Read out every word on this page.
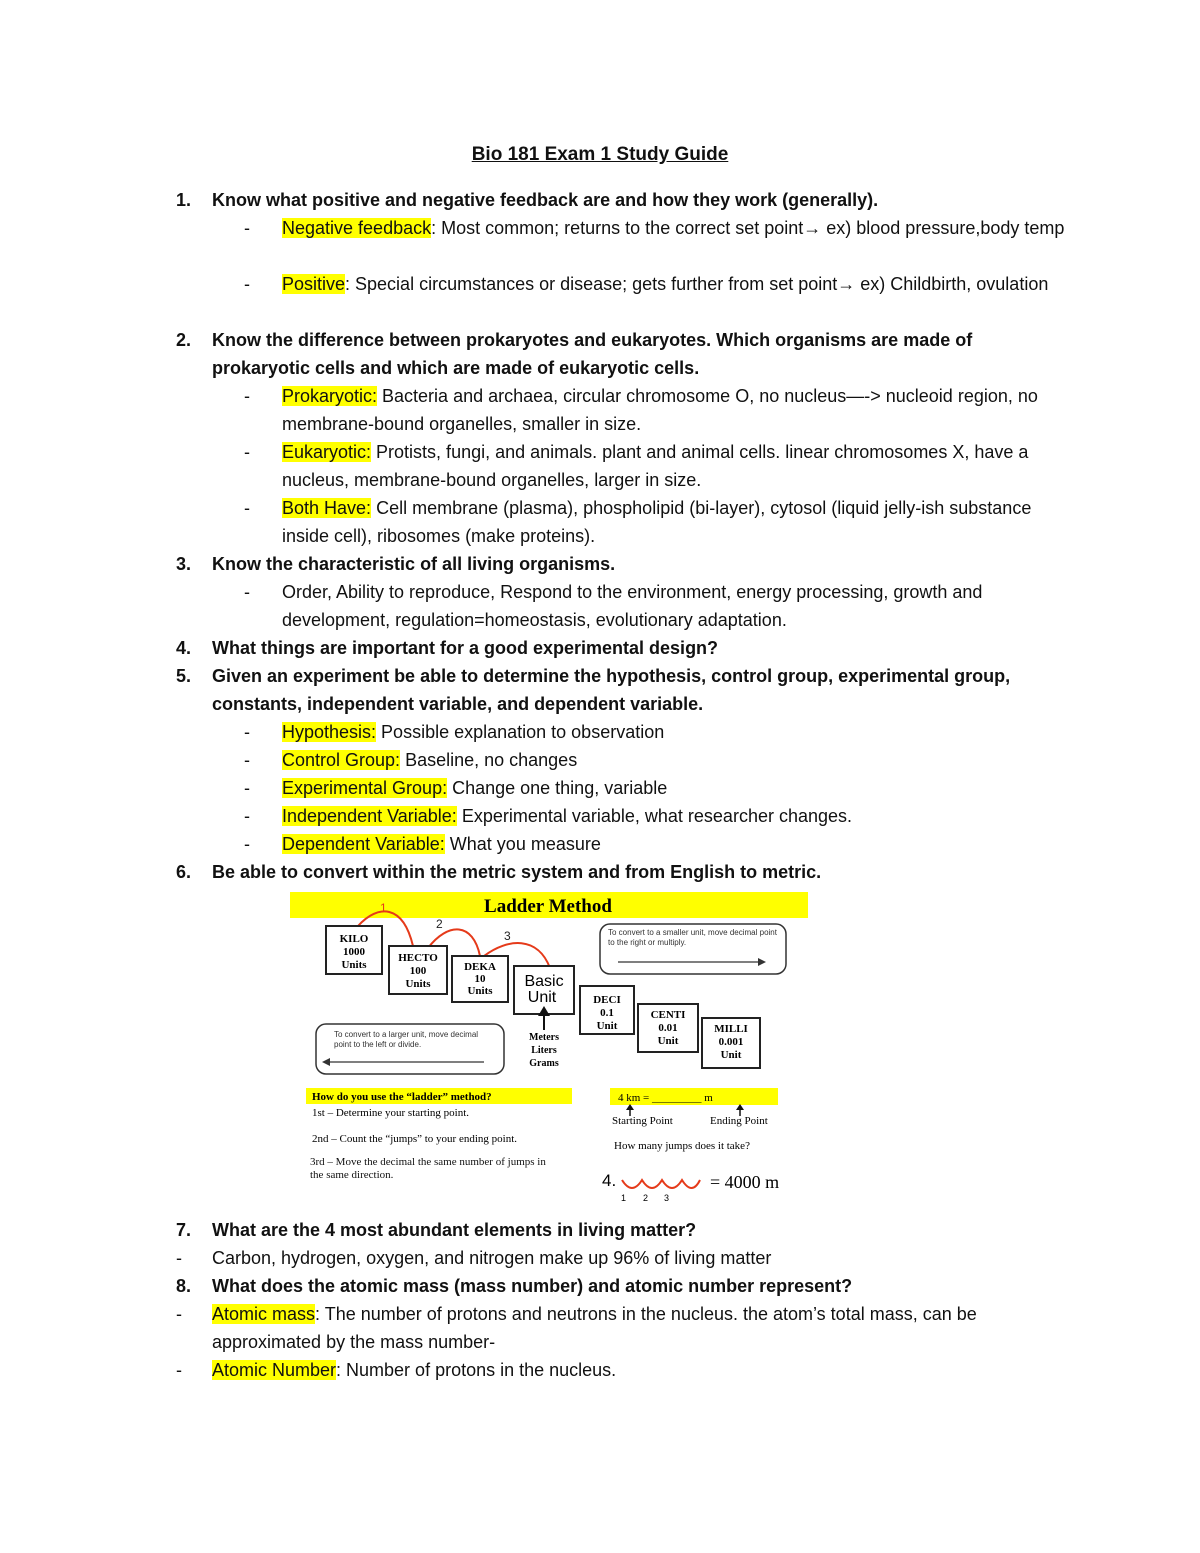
Bio 181 Exam 1 Study Guide
1. Know what positive and negative feedback are and how they work (generally).
- Negative feedback: Most common; returns to the correct set point→ ex) blood pressure,body temp
- Positive: Special circumstances or disease; gets further from set point→ ex) Childbirth, ovulation
2. Know the difference between prokaryotes and eukaryotes. Which organisms are made of prokaryotic cells and which are made of eukaryotic cells.
- Prokaryotic: Bacteria and archaea, circular chromosome O, no nucleus—-> nucleoid region, no membrane-bound organelles, smaller in size.
- Eukaryotic: Protists, fungi, and animals. plant and animal cells. linear chromosomes X, have a nucleus, membrane-bound organelles, larger in size.
- Both Have: Cell membrane (plasma), phospholipid (bi-layer), cytosol (liquid jelly-ish substance inside cell), ribosomes (make proteins).
3. Know the characteristic of all living organisms.
- Order, Ability to reproduce, Respond to the environment, energy processing, growth and development, regulation=homeostasis, evolutionary adaptation.
4. What things are important for a good experimental design?
5. Given an experiment be able to determine the hypothesis, control group, experimental group, constants, independent variable, and dependent variable.
- Hypothesis: Possible explanation to observation
- Control Group: Baseline, no changes
- Experimental Group: Change one thing, variable
- Independent Variable: Experimental variable, what researcher changes.
- Dependent Variable: What you measure
6. Be able to convert within the metric system and from English to metric.
Ladder Method
1
2
3
KILO
1000
Units
HECTO
100
Units
DEKA
10
Units
Basic
Unit
Meters
Liters
Grams
DECI
0.1
Unit
CENTI
0.01
Unit
MILLI
0.001
Unit
To convert to a smaller unit, move decimal point to the right or multiply.
To convert to a larger unit, move decimal point to the left or divide.
How do you use the “ladder” method?
1st – Determine your starting point.
2nd – Count the “jumps” to your ending point.
3rd – Move the decimal the same number of jumps in the same direction.
4 km = _________ m
Starting Point	Ending Point
How many jumps does it take?
4.
1 2 3
= 4000 m
7. What are the 4 most abundant elements in living matter?
- Carbon, hydrogen, oxygen, and nitrogen make up 96% of living matter
8. What does the atomic mass (mass number) and atomic number represent?
- Atomic mass: The number of protons and neutrons in the nucleus. the atom’s total mass, can be approximated by the mass number-
- Atomic Number: Number of protons in the nucleus.
